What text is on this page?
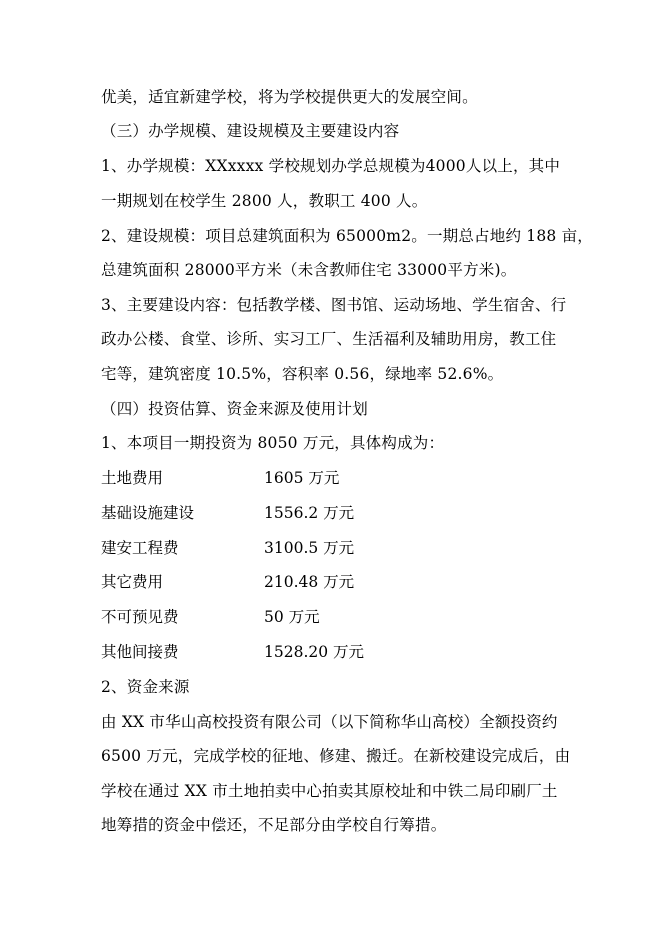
优美，适宜新建学校，将为学校提供更大的发展空间。
（三）办学规模、建设规模及主要建设内容
1、办学规模：XXxxxx 学校规划办学总规模为4000人以上，其中
一期规划在校学生 2800 人，教职工 400 人。
2、建设规模：项目总建筑面积为 65000m2。一期总占地约 188 亩，
总建筑面积 28000平方米（未含教师住宅 33000平方米)。
3、主要建设内容：包括教学楼、图书馆、运动场地、学生宿舍、行
政办公楼、食堂、诊所、实习工厂、生活福利及辅助用房，教工住
宅等，建筑密度 10.5%，容积率 0.56，绿地率 52.6%。
（四）投资估算、资金来源及使用计划
1、本项目一期投资为 8050 万元，具体构成为：
土地费用	1605 万元
基础设施建设	1556.2 万元
建安工程费	3100.5 万元
其它费用	210.48 万元
不可预见费	50 万元
其他间接费	1528.20 万元
2、资金来源
由 XX 市华山高校投资有限公司（以下简称华山高校）全额投资约
6500 万元，完成学校的征地、修建、搬迁。在新校建设完成后，由
学校在通过 XX 市土地拍卖中心拍卖其原校址和中铁二局印刷厂土
地筹措的资金中偿还，不足部分由学校自行筹措。
